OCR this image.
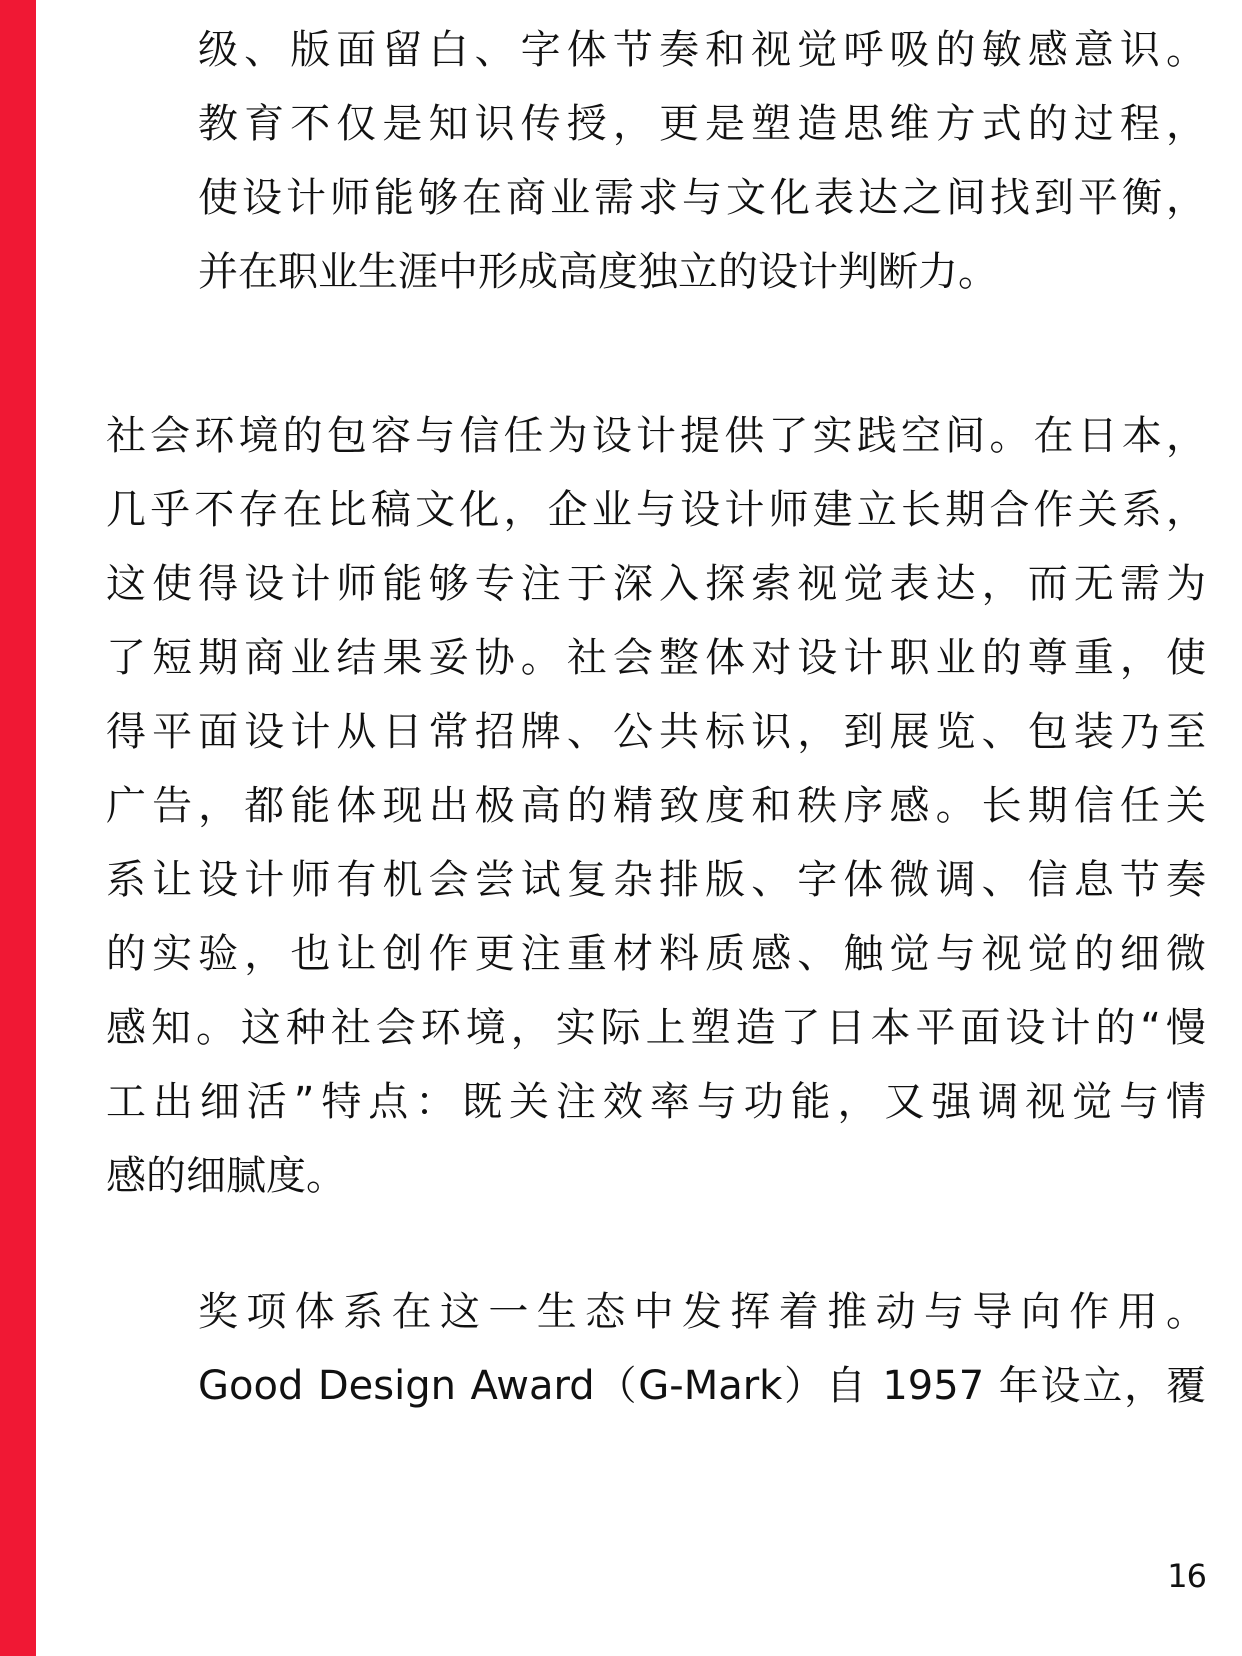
级、版面留白、字体节奏和视觉呼吸的敏感意识。
教育不仅是知识传授，更是塑造思维方式的过程，
使设计师能够在商业需求与文化表达之间找到平衡，
并在职业生涯中形成高度独立的设计判断力。
社会环境的包容与信任为设计提供了实践空间。在日本，
几乎不存在比稿文化，企业与设计师建立长期合作关系，
这使得设计师能够专注于深入探索视觉表达，而无需为
了短期商业结果妥协。社会整体对设计职业的尊重，使
得平面设计从日常招牌、公共标识，到展览、包装乃至
广告，都能体现出极高的精致度和秩序感。长期信任关
系让设计师有机会尝试复杂排版、字体微调、信息节奏
的实验，也让创作更注重材料质感、触觉与视觉的细微
感知。这种社会环境，实际上塑造了日本平面设计的“慢
工出细活”特点：既关注效率与功能，又强调视觉与情
感的细腻度。
奖项体系在这一生态中发挥着推动与导向作用。
Good Design Award（G-Mark）自 1957 年设立，覆
16
